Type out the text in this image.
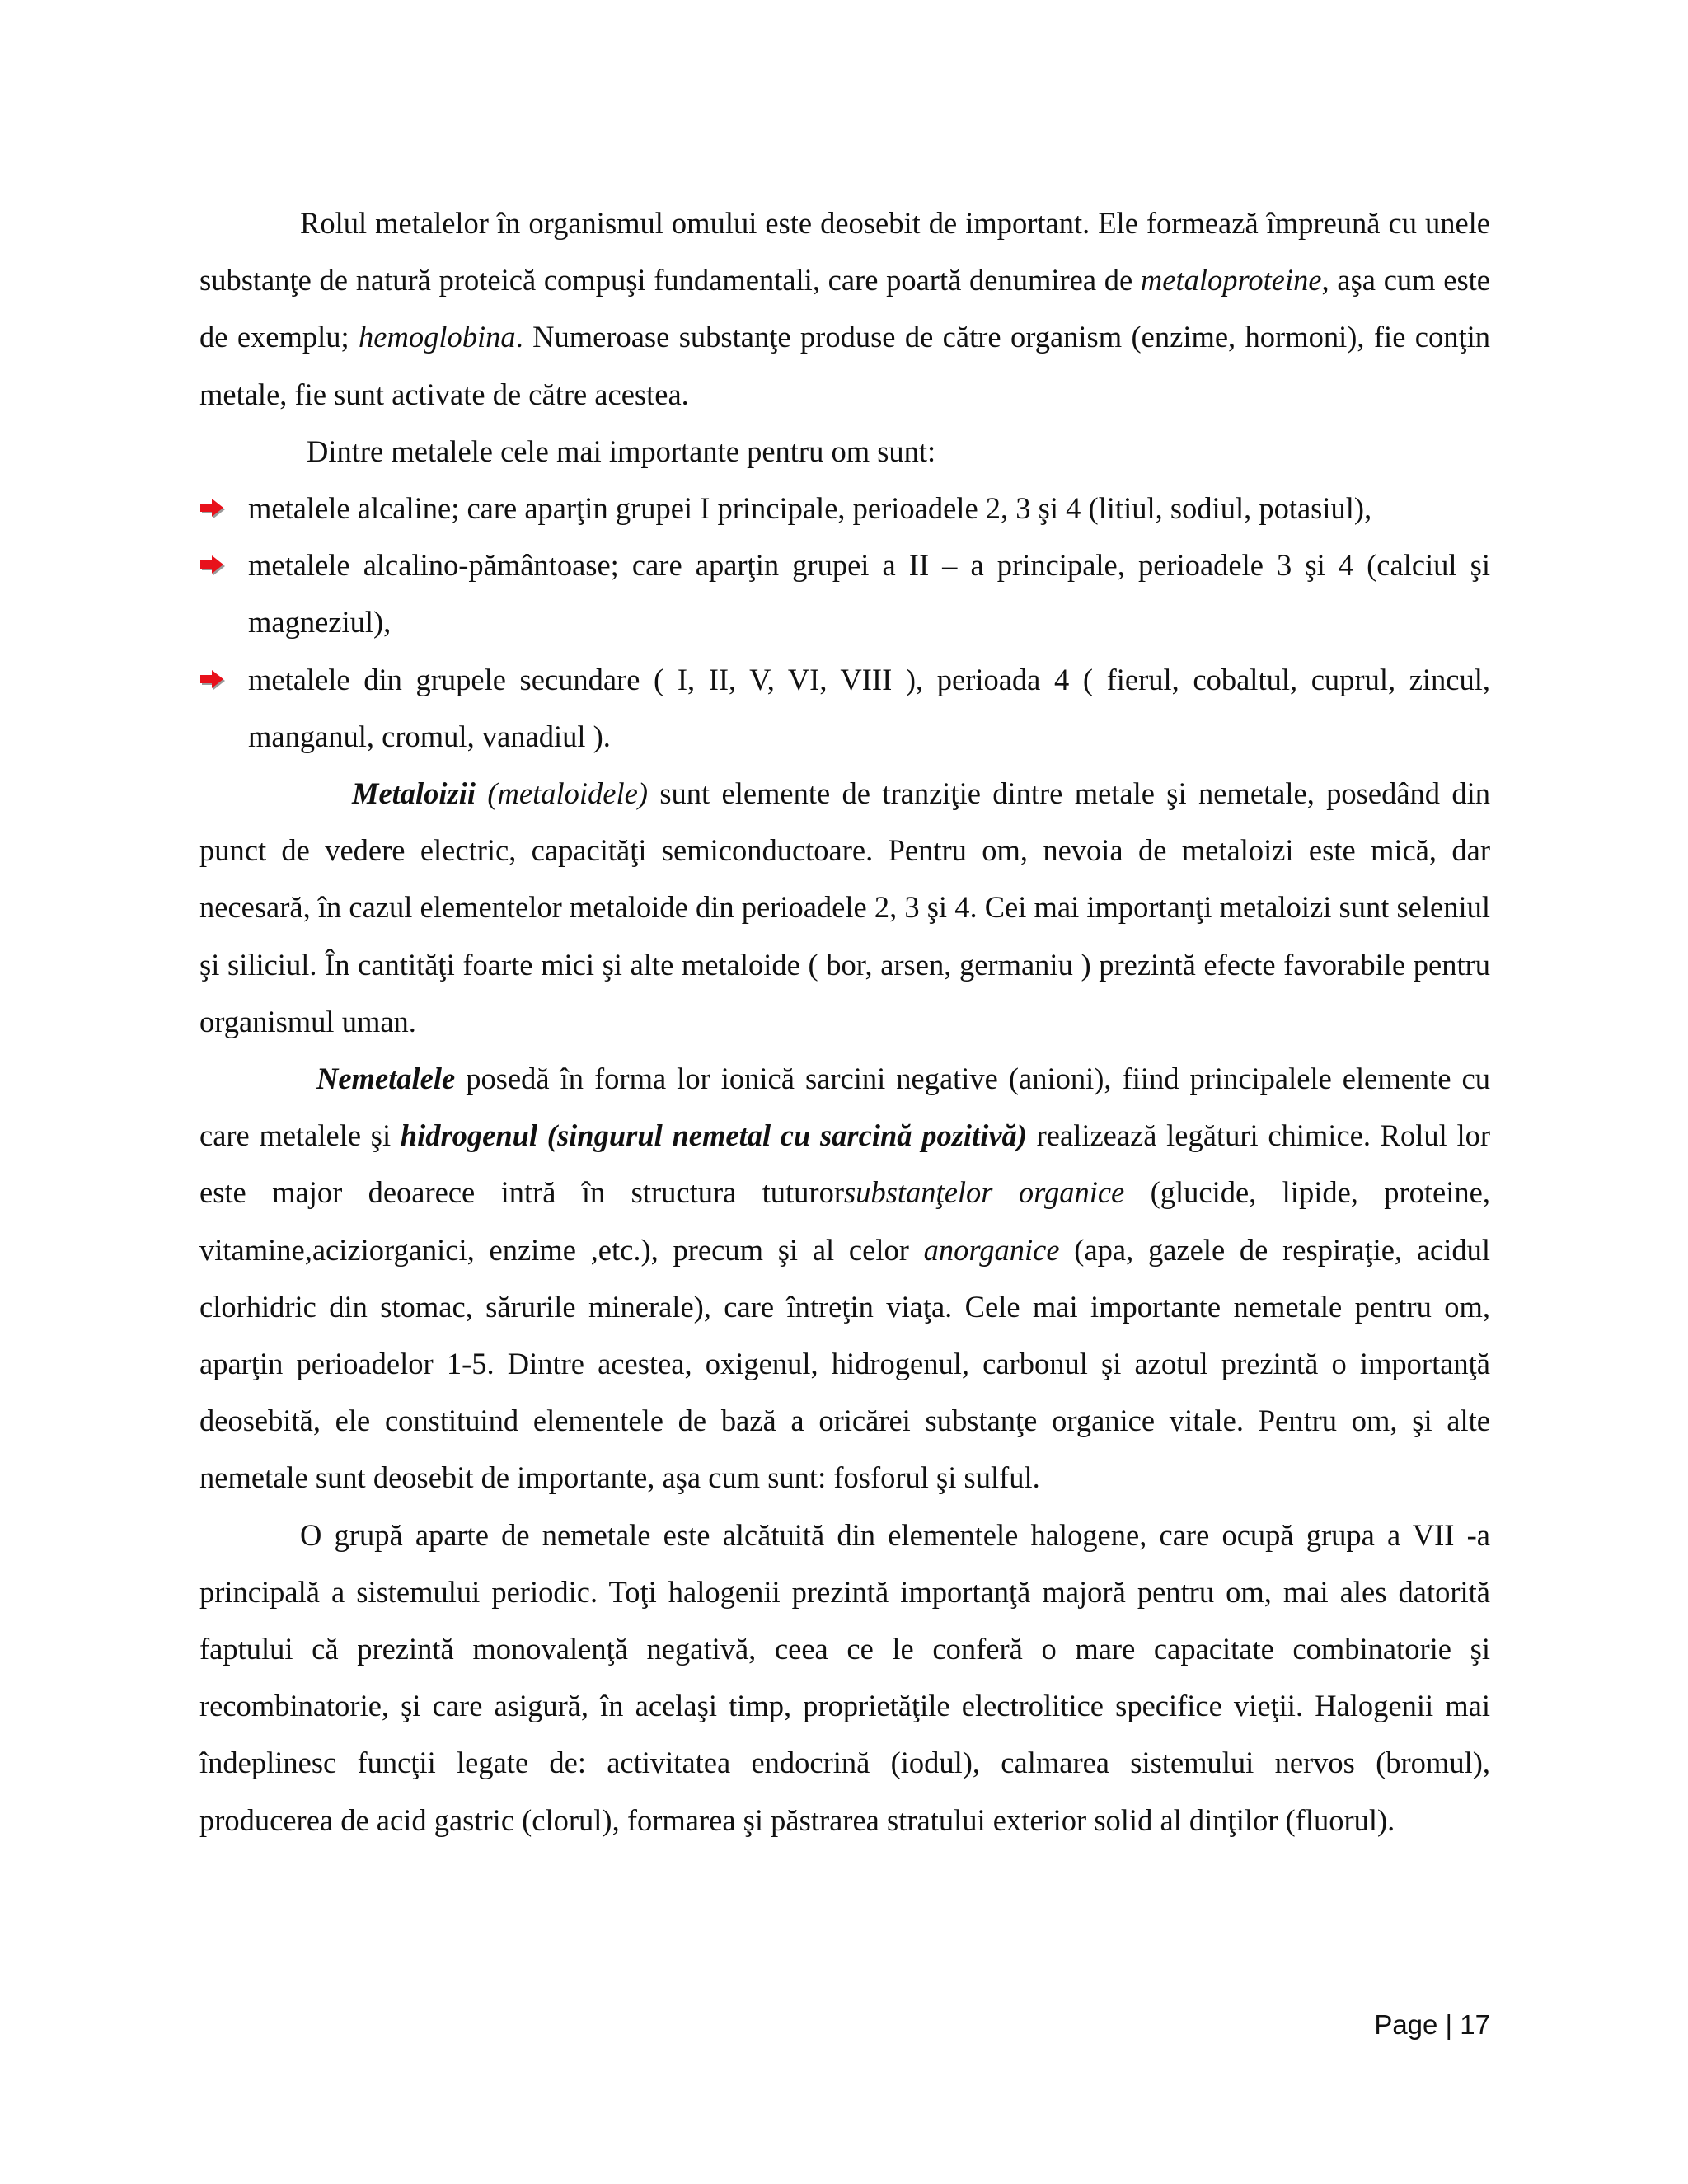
Rolul metalelor în organismul omului este deosebit de important. Ele formează împreună cu unele substanţe de natură proteică compuşi fundamentali, care poartă denumirea de metaloproteine, aşa cum este de exemplu; hemoglobina. Numeroase substanţe produse de către organism (enzime, hormoni), fie conţin metale, fie sunt activate de către acestea.

Dintre metalele cele mai importante pentru om sunt:

metalele alcaline; care aparţin grupei I principale, perioadele 2, 3 şi 4 (litiul, sodiul, potasiul),
metalele alcalino-pământoase; care aparţin grupei a II – a principale, perioadele 3 şi 4 (calciul şi magneziul),
metalele din grupele secundare ( I, II, V, VI, VIII ), perioada 4 ( fierul, cobaltul, cuprul, zincul, manganul, cromul, vanadiul ).

Metaloizii (metaloidele) sunt elemente de tranziţie dintre metale şi nemetale, posedând din punct de vedere electric, capacităţi semiconductoare. Pentru om, nevoia de metaloizi este mică, dar necesară, în cazul elementelor metaloide din perioadele 2, 3 şi 4. Cei mai importanţi metaloizi sunt seleniul şi siliciul. În cantităţi foarte mici şi alte metaloide ( bor, arsen, germaniu ) prezintă efecte favorabile pentru organismul uman.

Nemetalele posedă în forma lor ionică sarcini negative (anioni), fiind principalele elemente cu care metalele şi hidrogenul (singurul nemetal cu sarcină pozitivă) realizează legături chimice. Rolul lor este major deoarece intră în structura tuturorsubstanţelor organice (glucide, lipide, proteine, vitamine,aciziorganici, enzime ,etc.), precum şi al celor anorganice (apa, gazele de respiraţie, acidul clorhidric din stomac, sărurile minerale), care întreţin viaţa. Cele mai importante nemetale pentru om, aparţin perioadelor 1-5. Dintre acestea, oxigenul, hidrogenul, carbonul şi azotul prezintă o importanţă deosebită, ele constituind elementele de bază a oricărei substanţe organice vitale. Pentru om, şi alte nemetale sunt deosebit de importante, aşa cum sunt: fosforul şi sulful.

O grupă aparte de nemetale este alcătuită din elementele halogene, care ocupă grupa a VII -a principală a sistemului periodic. Toţi halogenii prezintă importanţă majoră pentru om, mai ales datorită faptului că prezintă monovalenţă negativă, ceea ce le conferă o mare capacitate combinatorie şi recombinatorie, şi care asigură, în acelaşi timp, proprietăţile electrolitice specifice vieţii. Halogenii mai îndeplinesc funcţii legate de: activitatea endocrină (iodul), calmarea sistemului nervos (bromul), producerea de acid gastric (clorul), formarea şi păstrarea stratului exterior solid al dinţilor (fluorul).

Page | 17
